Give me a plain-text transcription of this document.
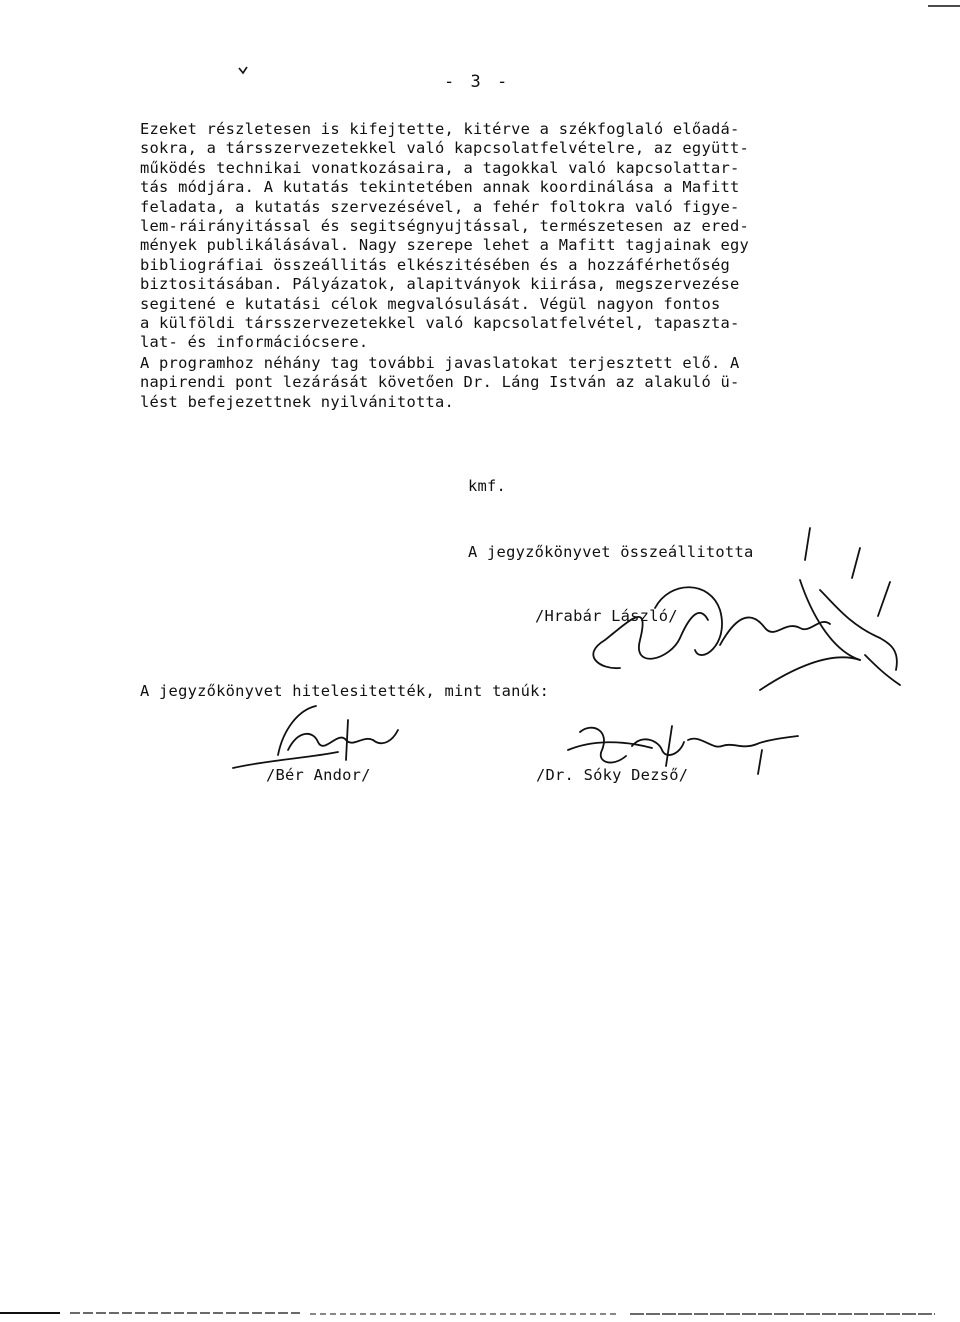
- 3 -
Ezeket részletesen is kifejtette, kitérve a székfoglaló előadá-
sokra, a társszervezetekkel való kapcsolatfelvételre, az együtt-
működés technikai vonatkozásaira, a tagokkal való kapcsolattar-
tás módjára. A kutatás tekintetében annak koordinálása a Mafitt
feladata, a kutatás szervezésével, a fehér foltokra való figye-
lem-ráirányitással és segitségnyujtással, természetesen az ered-
mények publikálásával. Nagy szerepe lehet a Mafitt tagjainak egy
bibliográfiai összeállitás elkészitésében és a hozzáférhetőség
biztositásában. Pályázatok, alapitványok kiirása, megszervezése
segitené e kutatási célok megvalósulását. Végül nagyon fontos
a külföldi társszervezetekkel való kapcsolatfelvétel, tapaszta-
lat- és információcsere.
A programhoz néhány tag további javaslatokat terjesztett elő. A
napirendi pont lezárását követően Dr. Láng István az alakuló ü-
lést befejezettnek nyilvánitotta.
kmf.
A jegyzőkönyvet összeállitotta
/Hrabár László/
A jegyzőkönyvet hitelesitették, mint tanúk:
/Bér Andor/	/Dr. Sóky Dezső/
